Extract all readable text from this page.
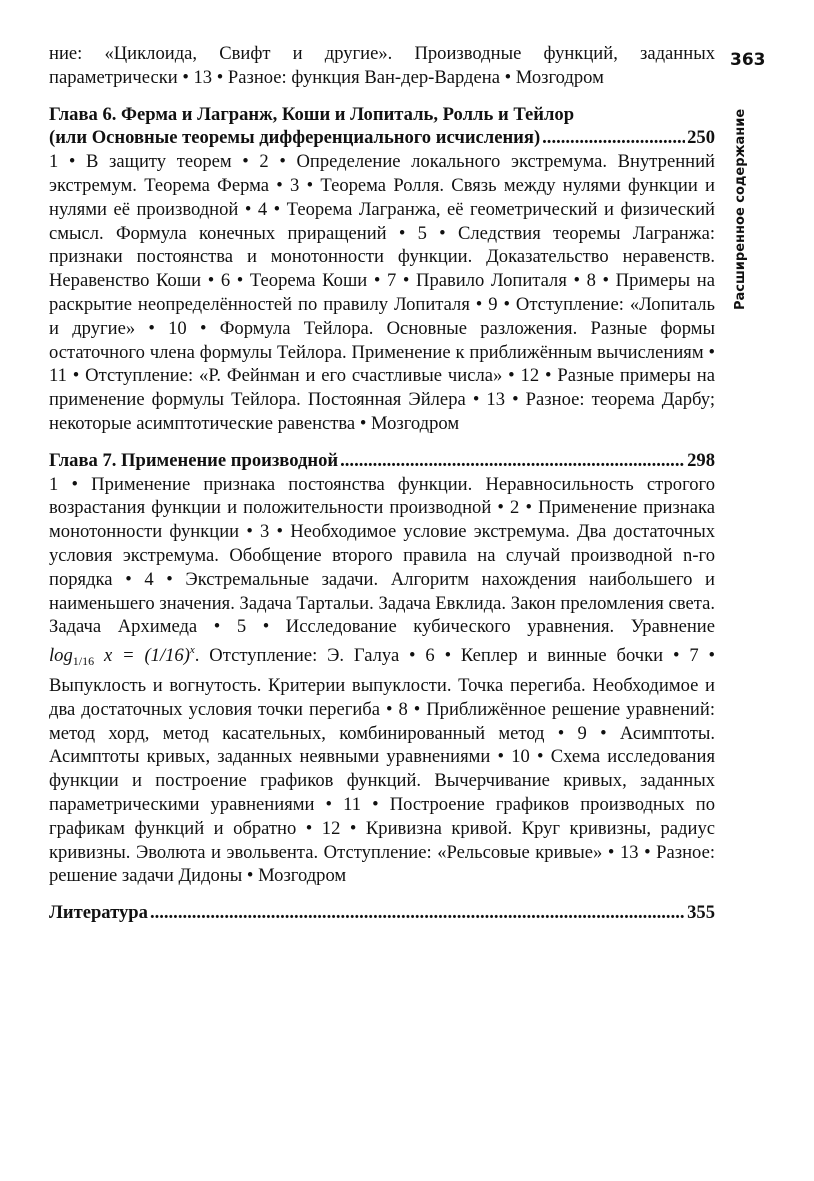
363
Расширенное содержание

ние: «Циклоида, Свифт и другие». Производные функций, заданных параметрически • 13 • Разное: функция Ван-дер-Вардена • Мозгодром

Глава 6. Ферма и Лагранж, Коши и Лопиталь, Ролль и Тейлор

(или Основные теоремы дифференциального исчисления) .....	250

1 • В защиту теорем • 2 • Определение локального экстремума. Внутренний экстремум. Теорема Ферма • 3 • Теорема Ролля. Связь между нулями функции и нулями её производной • 4 • Теорема Лагранжа, её геометрический и физический смысл. Формула конечных приращений • 5 • Следствия теоремы Лагранжа: признаки постоянства и монотонности функции. Доказательство неравенств. Неравенство Коши • 6 • Теорема Коши • 7 • Правило Лопиталя • 8 • Примеры на раскрытие неопределённостей по правилу Лопиталя • 9 • Отступление: «Лопиталь и другие» • 10 • Формула Тейлора. Основные разложения. Разные формы остаточного члена формулы Тейлора. Применение к приближённым вычислениям • 11 • Отступление: «Р. Фейнман и его счастливые числа» • 12 • Разные примеры на применение формулы Тейлора. Постоянная Эйлера • 13 • Разное: теорема Дарбу; некоторые асимптотические равенства • Мозгодром

Глава 7. Применение производной .....	298

1 • Применение признака постоянства функции. Неравносильность строгого возрастания функции и положительности производной • 2 • Применение признака монотонности функции • 3 • Необходимое условие экстремума. Два достаточных условия экстремума. Обобщение второго правила на случай производной n-го порядка • 4 • Экстремальные задачи. Алгоритм нахождения наибольшего и наименьшего значения. Задача Тартальи. Задача Евклида. Закон преломления света. Задача Архимеда • 5 • Исследование кубического уравнения. Уравнение $\log_{1/16} x = (1/16)^x$. Отступление: Э. Галуа • 6 • Кеплер и винные бочки • 7 • Выпуклость и вогнутость. Критерии выпуклости. Точка перегиба. Необходимое и два достаточных условия точки перегиба • 8 • Приближённое решение уравнений: метод хорд, метод касательных, комбинированный метод • 9 • Асимптоты. Асимптоты кривых, заданных неявными уравнениями • 10 • Схема исследования функции и построение графиков функций. Вычерчивание кривых, заданных параметрическими уравнениями • 11 • Построение графиков производных по графикам функций и обратно • 12 • Кривизна кривой. Круг кривизны, радиус кривизны. Эволюта и эвольвента. Отступление: «Рельсовые кривые» • 13 • Разное: решение задачи Дидоны • Мозгодром

Литература .....	355
